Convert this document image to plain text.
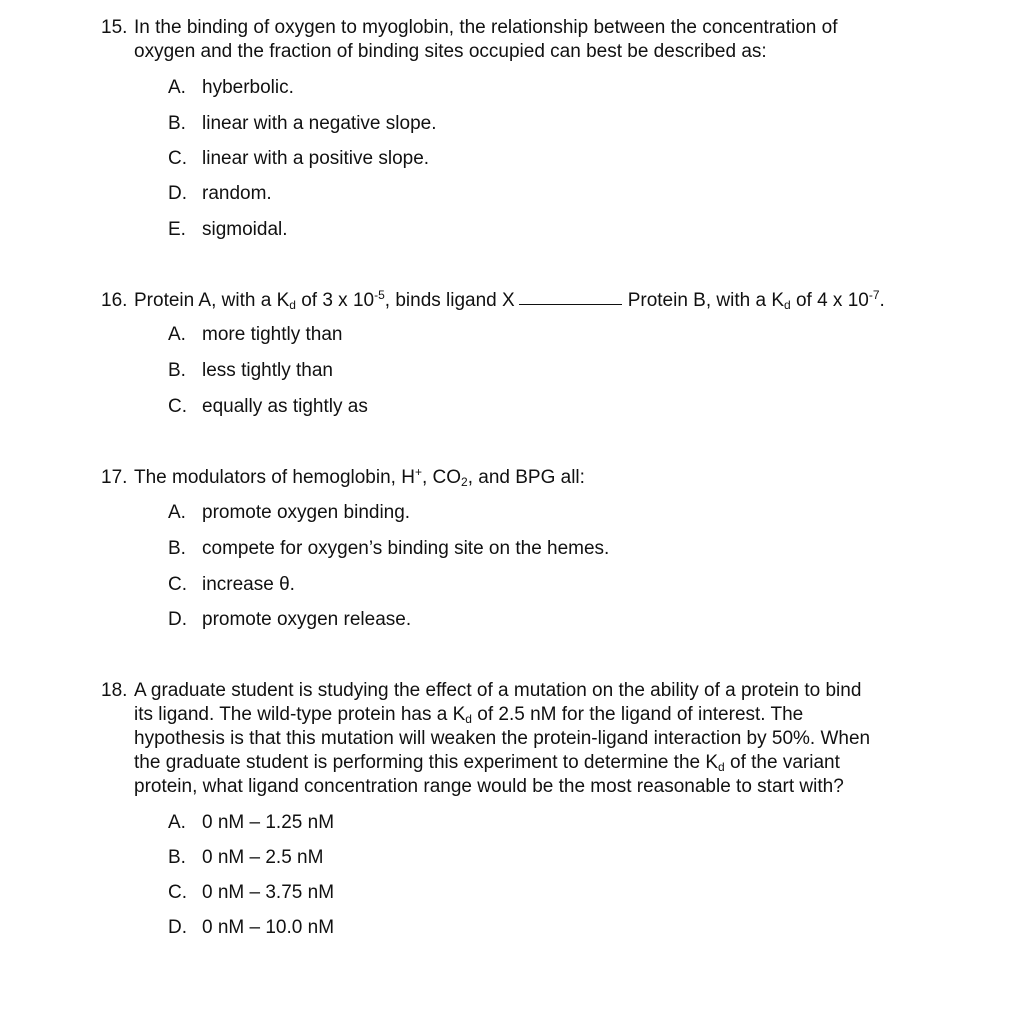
15. In the binding of oxygen to myoglobin, the relationship between the concentration of
oxygen and the fraction of binding sites occupied can best be described as:
A. hyberbolic.
B. linear with a negative slope.
C. linear with a positive slope.
D. random.
E. sigmoidal.
16. Protein A, with a $K_d$ of 3 x $10^{-5}$, binds ligand X	Protein B, with a $K_d$ of 4 x $10^{-7}$.
A. more tightly than
B. less tightly than
C. equally as tightly as
17. The modulators of hemoglobin, H+, $CO_2$, and BPG all:
A. promote oxygen binding.
B. compete for oxygen’s binding site on the hemes.
C. increase θ.
D. promote oxygen release.
18. A graduate student is studying the effect of a mutation on the ability of a protein to bind
its ligand. The wild-type protein has a $K_d$ of 2.5 nM for the ligand of interest. The
hypothesis is that this mutation will weaken the protein-ligand interaction by 50%. When
the graduate student is performing this experiment to determine the $K_d$ of the variant
protein, what ligand concentration range would be the most reasonable to start with?
A. 0 nM – 1.25 nM
B. 0 nM – 2.5 nM
C. 0 nM – 3.75 nM
D. 0 nM – 10.0 nM
